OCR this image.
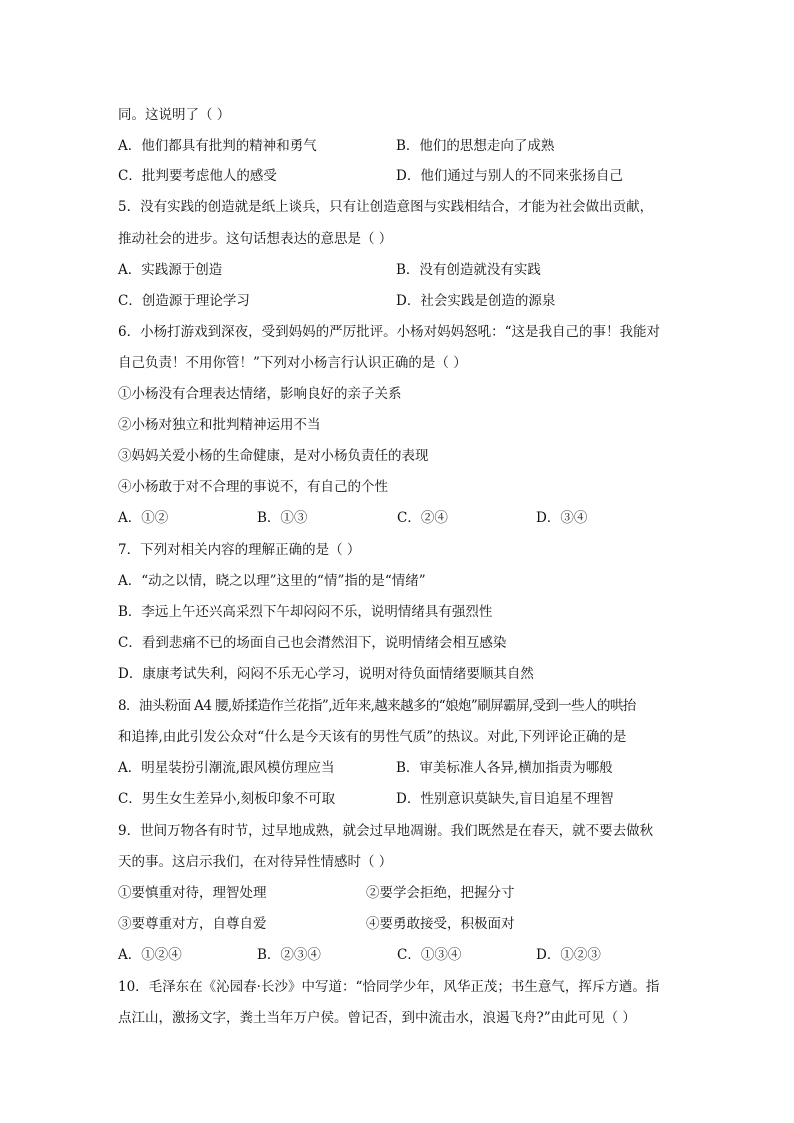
同。这说明了（ ）
A．他们都具有批判的精神和勇气	B．他们的思想走向了成熟
C．批判要考虑他人的感受	D．他们通过与别人的不同来张扬自己
5．没有实践的创造就是纸上谈兵，只有让创造意图与实践相结合，才能为社会做出贡献，
推动社会的进步。这句话想表达的意思是（ ）
A．实践源于创造	B．没有创造就没有实践
C．创造源于理论学习	D．社会实践是创造的源泉
6．小杨打游戏到深夜，受到妈妈的严厉批评。小杨对妈妈怒吼：“这是我自己的事！我能对
自己负责！不用你管！”下列对小杨言行认识正确的是（ ）
①小杨没有合理表达情绪，影响良好的亲子关系
②小杨对独立和批判精神运用不当
③妈妈关爱小杨的生命健康，是对小杨负责任的表现
④小杨敢于对不合理的事说不，有自己的个性
A．①②	B．①③	C．②④	D．③④
7．下列对相关内容的理解正确的是（ ）
A．“动之以情，晓之以理”这里的“情”指的是“情绪”
B．李远上午还兴高采烈下午却闷闷不乐，说明情绪具有强烈性
C．看到悲痛不已的场面自己也会潸然泪下，说明情绪会相互感染
D．康康考试失利，闷闷不乐无心学习，说明对待负面情绪要顺其自然
8．油头粉面 A4 腰,娇揉造作兰花指”,近年来,越来越多的“娘炮”刷屏霸屏,受到一些人的哄抬
和追捧,由此引发公众对“什么是今天该有的男性气质”的热议。对此,下列评论正确的是
A．明星装扮引潮流,跟风模仿理应当	B．审美标准人各异,横加指责为哪般
C．男生女生差异小,刻板印象不可取	D．性别意识莫缺失,盲目追星不理智
9．世间万物各有时节，过早地成熟，就会过早地凋谢。我们既然是在春天，就不要去做秋
天的事。这启示我们，在对待异性情感时（ ）
①要慎重对待，理智处理	②要学会拒绝，把握分寸
③要尊重对方，自尊自爱	④要勇敢接受，积极面对
A．①②④	B．②③④	C．①③④	D．①②③
10．毛泽东在《沁园春·长沙》中写道：“恰同学少年，风华正茂；书生意气，挥斥方遒。指
点江山，激扬文字，粪土当年万户侯。曾记否，到中流击水，浪遏飞舟?”由此可见（ ）
